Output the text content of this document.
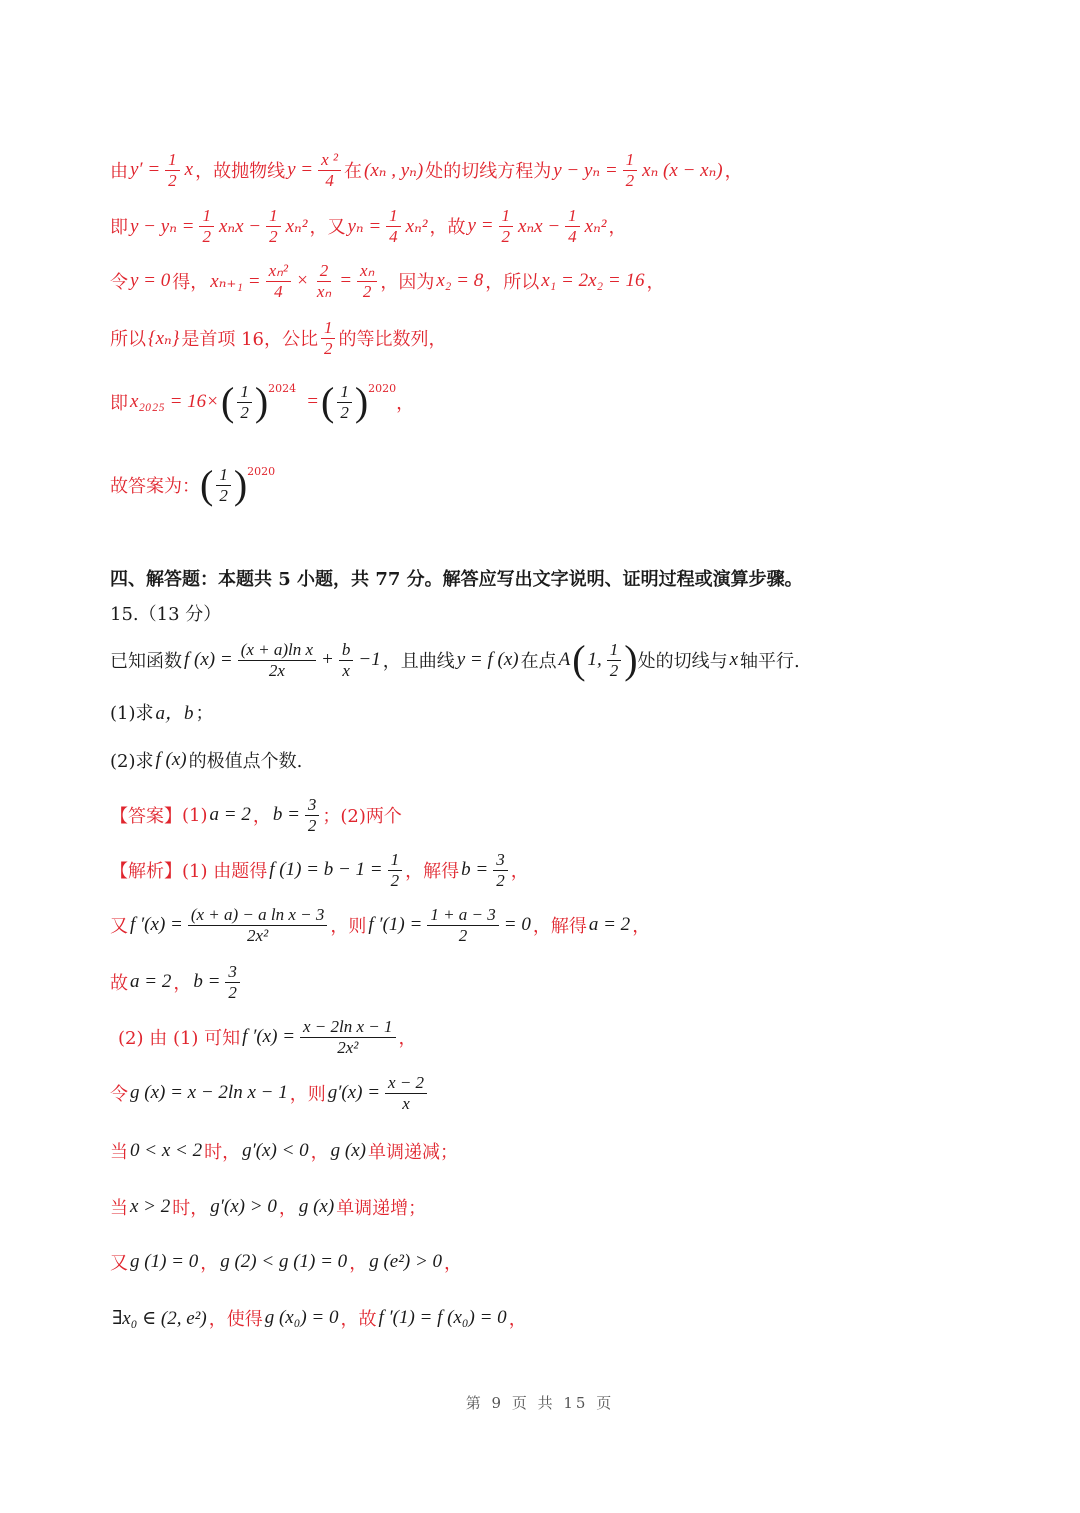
由 $y' = \frac{1}{2}$ x ，故抛物线 $y = \frac{\text{x ²}}{4}$ 在 (xₙ , yₙ) 处的切线方程为 $y - y_n = \frac{1}{2}$ xₙ (x − xₙ) ，
即 $y - y_n = \frac{1}{2}$ $x_nx - \frac{1}{2} x_n^2$ ，又 $y_n = \frac{1}{4} x_n^2$ ，故 $y = \frac{1}{2}$ $x_nx - \frac{1}{4} x_n^2$ ，
令 y = 0 得， $x_{n+1} = \frac{\text{xₙ²}}{4} \times \frac{2}{\text{xₙ}} = \frac{\text{xₙ}}{2}$ ，因为 x₂ = 8 ，所以 x₁ = 2x₂ = 16 ，
所以 {xₙ} 是首项 16，公比 $\frac{1}{2}$ 的等比数列，
即 x₂₀₂₅ = 16× ( $\frac{1}{2} )^{2024}$
= ( $\frac{1}{2} )^{2020}$
，
故答案为： ( $\frac{1}{2} )^{2020}$
四、解答题：本题共 5 小题，共 77 分。解答应写出文字说明、证明过程或演算步骤。
15.（13 分）
已知函数 f $(x) = \frac{\text{(x + a)ln x}}{2x} + \frac{b}{x} -1$ ，且曲线 y = f (x) 在点 A ( 1, $\frac{1}{2}$ ) 处的切线与 x 轴平行.
(1)求 a，b ；
(2)求 f (x) 的极值点个数.
【答案】 (1) a = 2 ， $b = \frac{3}{2}$ ；(2)两个
【解析】 (1) 由题得 f $(1) = b - 1 = \frac{1}{2}$ ，解得 $b = \frac{3}{2}$ ，
又 f $'(x) = \frac{\text{(x + a) − a ln x − 3}}{\text{2x²}}$ ，则 f $'(1) = \frac{1 + a - 3}{2} = 0$ ，解得 a = 2 ，
故 a = 2 ， $b = \frac{3}{2}$
(2) 由 (1) 可知 f $'(x) = \frac{\text{x − 2ln x − 1}}{\text{2x²}}$ ，
令 g (x) = x − 2ln x − 1 ，则 $g'(x) = \frac{x - 2}{x}$
当 0 < x < 2 时， g′(x) < 0 ， g (x) 单调递减；
当 x > 2 时， g′(x) > 0 ， g (x) 单调递增；
又 g (1) = 0 ， g (2) < g (1) = 0 ， g (e²) > 0 ，
∃x₀ ∈ (2, e²) ，使得 g (x₀) = 0 ，故 f ′(1) = f (x₀) = 0 ，
第 9 页 共 15 页
